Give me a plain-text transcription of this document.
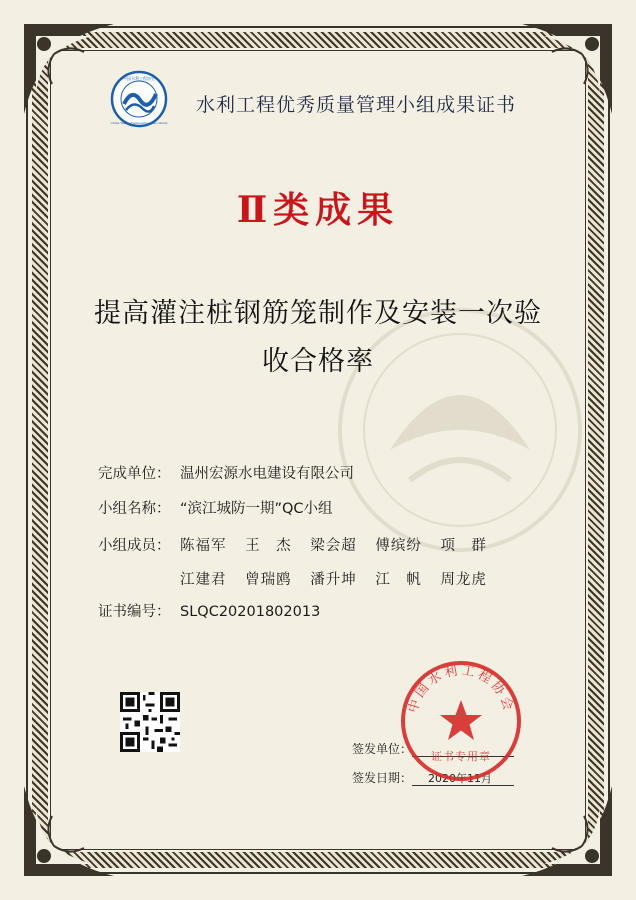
中国水利工程协会
China Water Engineering Association
水利工程优秀质量管理小组成果证书
Ⅱ类成果
提高灌注桩钢筋笼制作及安装一次验
收合格率
完成单位： 温州宏源水电建设有限公司
小组名称： “滨江城防一期”QC小组
小组成员： 陈福军 王　杰 梁会超 傅缤纷 项　群
江建君 曾瑞鸥 潘升坤 江　帆 周龙虎
证书编号： SLQC20201802013
签发单位：
签发日期： 2020年11月
中国水利工程协会
证书专用章
